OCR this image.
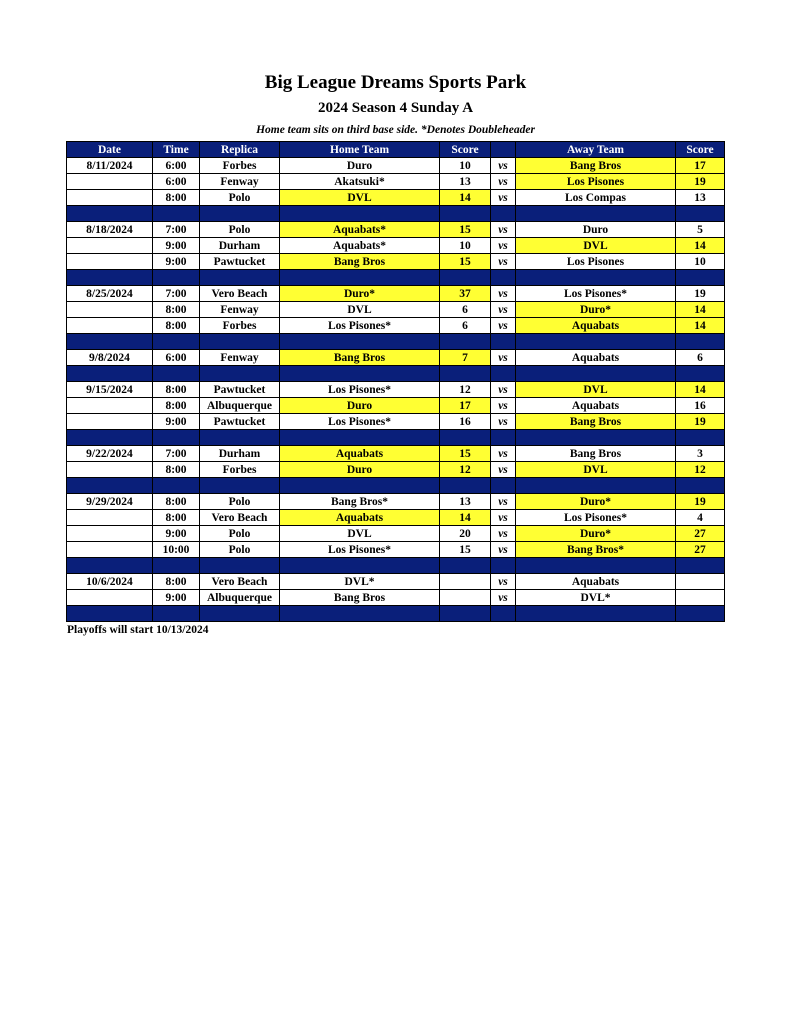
Big League Dreams Sports Park
2024 Season 4 Sunday A
Home team sits on third base side. *Denotes Doubleheader
Date	Time	Replica	Home Team	Score		Away Team	Score
8/11/2024	6:00	Forbes	Duro	10	vs	Bang Bros	17
	6:00	Fenway	Akatsuki*	13	vs	Los Pisones	19
	8:00	Polo	DVL	14	vs	Los Compas	13

8/18/2024	7:00	Polo	Aquabats*	15	vs	Duro	5
	9:00	Durham	Aquabats*	10	vs	DVL	14
	9:00	Pawtucket	Bang Bros	15	vs	Los Pisones	10

8/25/2024	7:00	Vero Beach	Duro*	37	vs	Los Pisones*	19
	8:00	Fenway	DVL	6	vs	Duro*	14
	8:00	Forbes	Los Pisones*	6	vs	Aquabats	14

9/8/2024	6:00	Fenway	Bang Bros	7	vs	Aquabats	6

9/15/2024	8:00	Pawtucket	Los Pisones*	12	vs	DVL	14
	8:00	Albuquerque	Duro	17	vs	Aquabats	16
	9:00	Pawtucket	Los Pisones*	16	vs	Bang Bros	19

9/22/2024	7:00	Durham	Aquabats	15	vs	Bang Bros	3
	8:00	Forbes	Duro	12	vs	DVL	12

9/29/2024	8:00	Polo	Bang Bros*	13	vs	Duro*	19
	8:00	Vero Beach	Aquabats	14	vs	Los Pisones*	4
	9:00	Polo	DVL	20	vs	Duro*	27
	10:00	Polo	Los Pisones*	15	vs	Bang Bros*	27

10/6/2024	8:00	Vero Beach	DVL*		vs	Aquabats	
	9:00	Albuquerque	Bang Bros		vs	DVL*	

Playoffs will start 10/13/2024
